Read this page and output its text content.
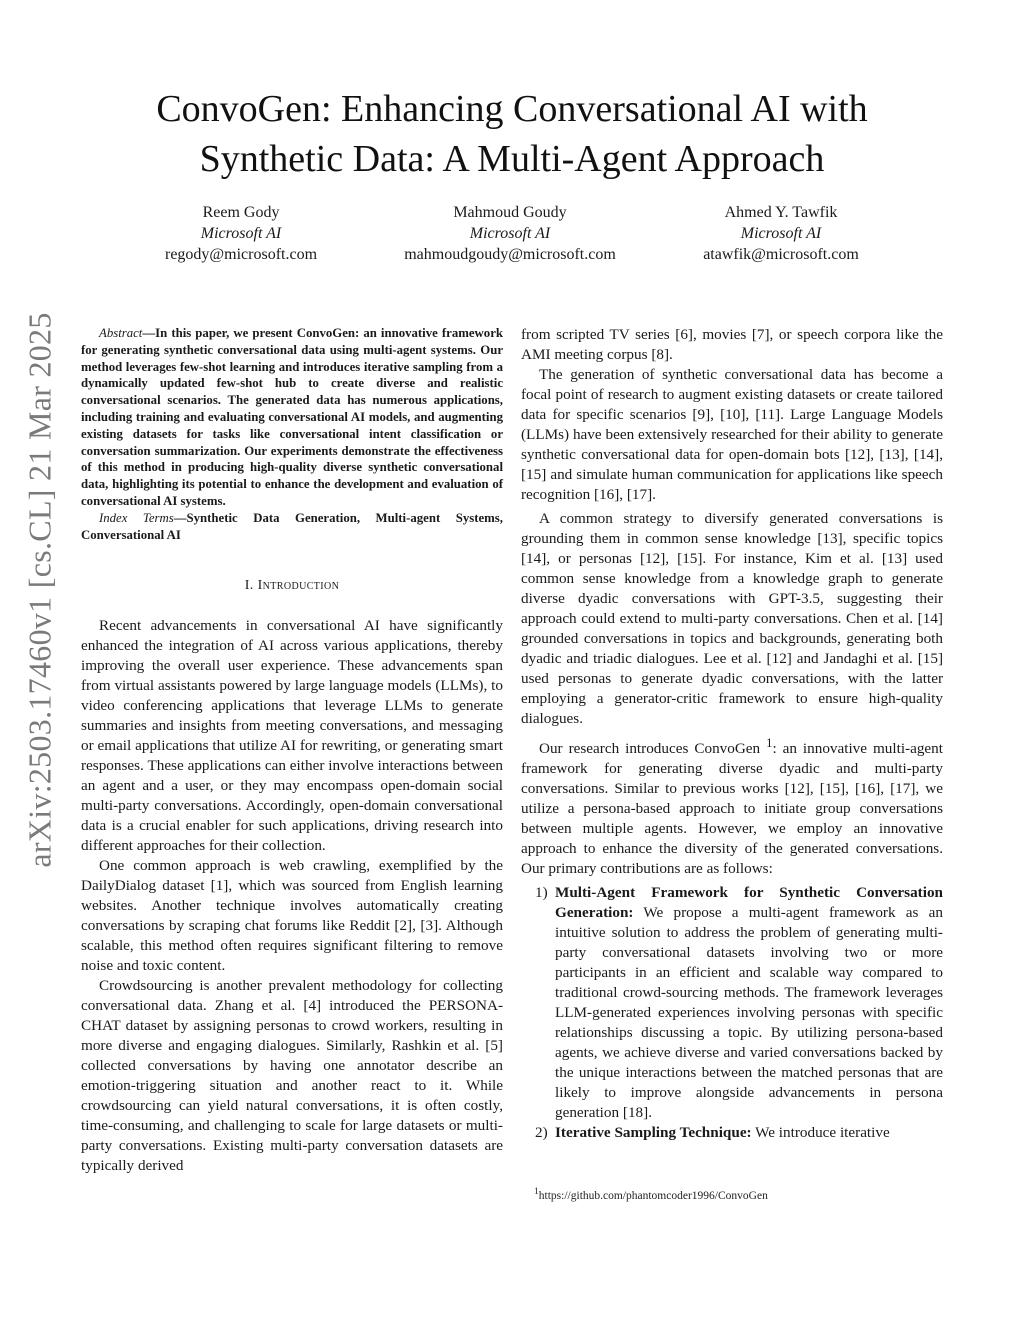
arXiv:2503.17460v1 [cs.CL] 21 Mar 2025
ConvoGen: Enhancing Conversational AI with Synthetic Data: A Multi-Agent Approach
Reem Gody
Microsoft AI
regody@microsoft.com
Mahmoud Goudy
Microsoft AI
mahmoudgoudy@microsoft.com
Ahmed Y. Tawfik
Microsoft AI
atawfik@microsoft.com

Abstract—In this paper, we present ConvoGen: an innovative framework for generating synthetic conversational data using multi-agent systems. Our method leverages few-shot learning and introduces iterative sampling from a dynamically updated few-shot hub to create diverse and realistic conversational scenarios. The generated data has numerous applications, including training and evaluating conversational AI models, and augmenting existing datasets for tasks like conversational intent classification or conversation summarization. Our experiments demonstrate the effectiveness of this method in producing high-quality diverse synthetic conversational data, highlighting its potential to enhance the development and evaluation of conversational AI systems.

Index Terms—Synthetic Data Generation, Multi-agent Systems, Conversational AI

I. Introduction

Recent advancements in conversational AI have significantly enhanced the integration of AI across various applications, thereby improving the overall user experience. These advancements span from virtual assistants powered by large language models (LLMs), to video conferencing applications that leverage LLMs to generate summaries and insights from meeting conversations, and messaging or email applications that utilize AI for rewriting, or generating smart responses. These applications can either involve interactions between an agent and a user, or they may encompass open-domain social multi-party conversations. Accordingly, open-domain conversational data is a crucial enabler for such applications, driving research into different approaches for their collection.

One common approach is web crawling, exemplified by the DailyDialog dataset [1], which was sourced from English learning websites. Another technique involves automatically creating conversations by scraping chat forums like Reddit [2], [3]. Although scalable, this method often requires significant filtering to remove noise and toxic content.

Crowdsourcing is another prevalent methodology for collecting conversational data. Zhang et al. [4] introduced the PERSONA-CHAT dataset by assigning personas to crowd workers, resulting in more diverse and engaging dialogues. Similarly, Rashkin et al. [5] collected conversations by having one annotator describe an emotion-triggering situation and another react to it. While crowdsourcing can yield natural conversations, it is often costly, time-consuming, and challenging to scale for large datasets or multi-party conversations. Existing multi-party conversation datasets are typically derived

from scripted TV series [6], movies [7], or speech corpora like the AMI meeting corpus [8].

The generation of synthetic conversational data has become a focal point of research to augment existing datasets or create tailored data for specific scenarios [9], [10], [11]. Large Language Models (LLMs) have been extensively researched for their ability to generate synthetic conversational data for open-domain bots [12], [13], [14], [15] and simulate human communication for applications like speech recognition [16], [17].

A common strategy to diversify generated conversations is grounding them in common sense knowledge [13], specific topics [14], or personas [12], [15]. For instance, Kim et al. [13] used common sense knowledge from a knowledge graph to generate diverse dyadic conversations with GPT-3.5, suggesting their approach could extend to multi-party conversations. Chen et al. [14] grounded conversations in topics and backgrounds, generating both dyadic and triadic dialogues. Lee et al. [12] and Jandaghi et al. [15] used personas to generate dyadic conversations, with the latter employing a generator-critic framework to ensure high-quality dialogues.

Our research introduces ConvoGen $^1$: an innovative multi-agent framework for generating diverse dyadic and multi-party conversations. Similar to previous works [12], [15], [16], [17], we utilize a persona-based approach to initiate group conversations between multiple agents. However, we employ an innovative approach to enhance the diversity of the generated conversations. Our primary contributions are as follows:

1) Multi-Agent Framework for Synthetic Conversation Generation: We propose a multi-agent framework as an intuitive solution to address the problem of generating multi-party conversational datasets involving two or more participants in an efficient and scalable way compared to traditional crowd-sourcing methods. The framework leverages LLM-generated experiences involving personas with specific relationships discussing a topic. By utilizing persona-based agents, we achieve diverse and varied conversations backed by the unique interactions between the matched personas that are likely to improve alongside advancements in persona generation [18].
2) Iterative Sampling Technique: We introduce iterative
$^1$https://github.com/phantomcoder1996/ConvoGen
